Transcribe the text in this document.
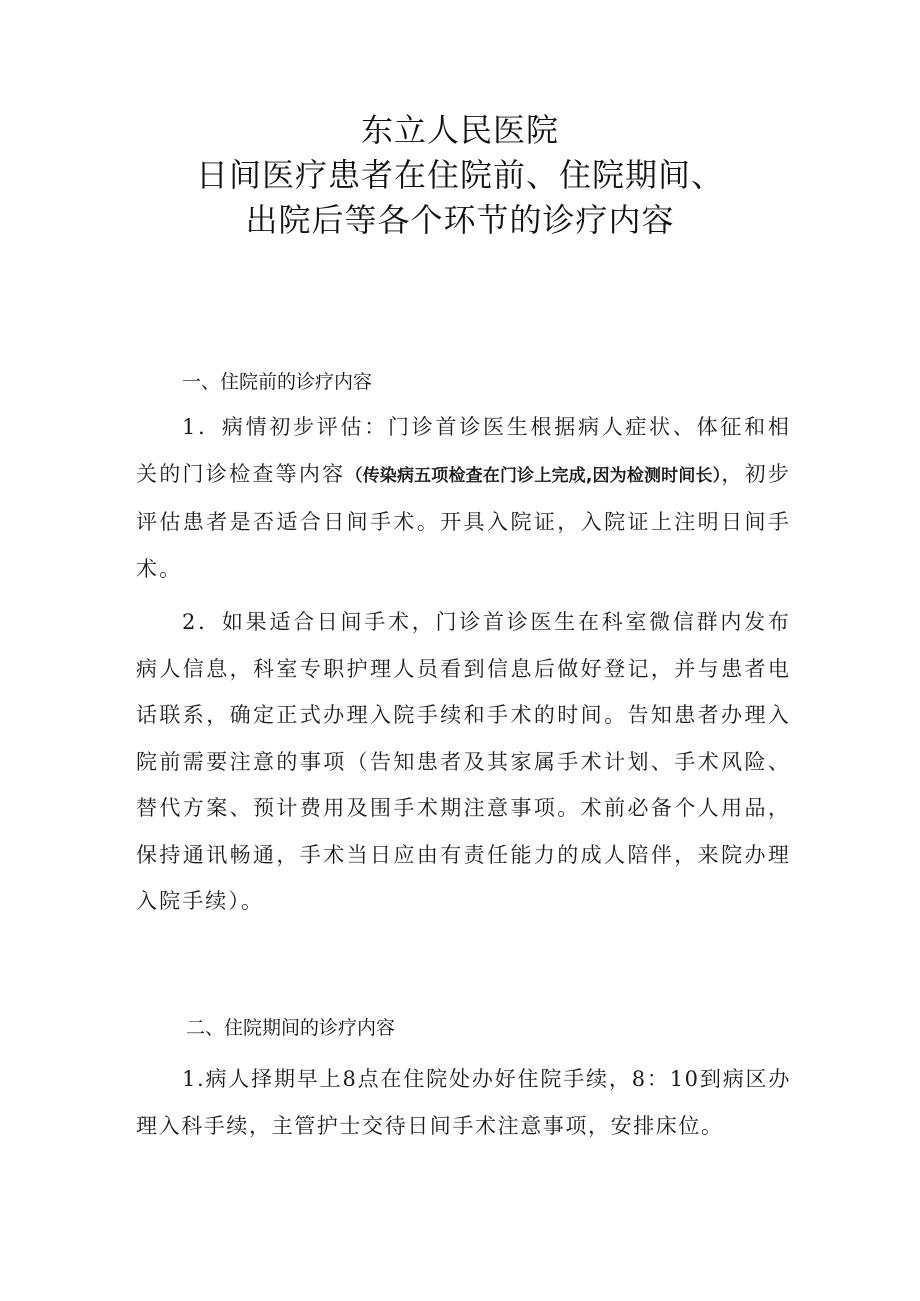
东立人民医院
日间医疗患者在住院前、住院期间、
出院后等各个环节的诊疗内容
一、住院前的诊疗内容
1．病情初步评估：门诊首诊医生根据病人症状、体征和相关的门诊检查等内容（传染病五项检查在门诊上完成,因为检测时间长），初步评估患者是否适合日间手术。开具入院证，入院证上注明日间手术。
2．如果适合日间手术，门诊首诊医生在科室微信群内发布病人信息，科室专职护理人员看到信息后做好登记，并与患者电话联系，确定正式办理入院手续和手术的时间。告知患者办理入院前需要注意的事项（告知患者及其家属手术计划、手术风险、替代方案、预计费用及围手术期注意事项。术前必备个人用品，保持通讯畅通，手术当日应由有责任能力的成人陪伴，来院办理入院手续）。
二、住院期间的诊疗内容
1.病人择期早上8点在住院处办好住院手续，8：10到病区办理入科手续，主管护士交待日间手术注意事项，安排床位。
